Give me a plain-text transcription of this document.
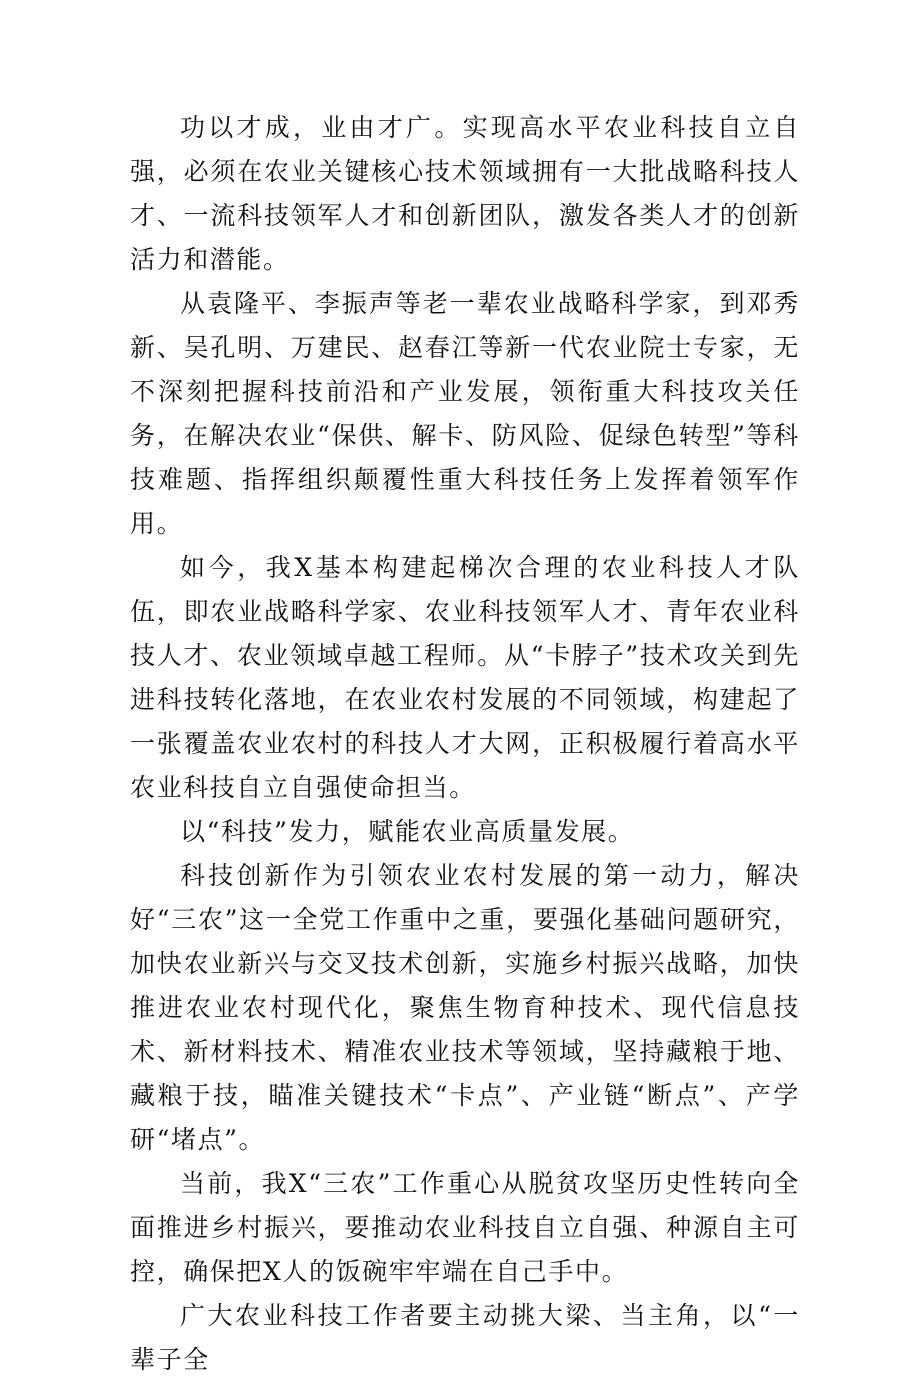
功以才成，业由才广。实现高水平农业科技自立自强，必须在农业关键核心技术领域拥有一大批战略科技人才、一流科技领军人才和创新团队，激发各类人才的创新活力和潜能。

从袁隆平、李振声等老一辈农业战略科学家，到邓秀新、吴孔明、万建民、赵春江等新一代农业院士专家，无不深刻把握科技前沿和产业发展，领衔重大科技攻关任务，在解决农业“保供、解卡、防风险、促绿色转型”等科技难题、指挥组织颠覆性重大科技任务上发挥着领军作用。

如今，我X基本构建起梯次合理的农业科技人才队伍，即农业战略科学家、农业科技领军人才、青年农业科技人才、农业领域卓越工程师。从“卡脖子”技术攻关到先进科技转化落地，在农业农村发展的不同领域，构建起了一张覆盖农业农村的科技人才大网，正积极履行着高水平农业科技自立自强使命担当。

以“科技”发力，赋能农业高质量发展。

科技创新作为引领农业农村发展的第一动力，解决好“三农”这一全党工作重中之重，要强化基础问题研究，加快农业新兴与交叉技术创新，实施乡村振兴战略，加快推进农业农村现代化，聚焦生物育种技术、现代信息技术、新材料技术、精准农业技术等领域，坚持藏粮于地、藏粮于技，瞄准关键技术“卡点”、产业链“断点”、产学研“堵点”。

当前，我X“三农”工作重心从脱贫攻坚历史性转向全面推进乡村振兴，要推动农业科技自立自强、种源自主可控，确保把X人的饭碗牢牢端在自己手中。

广大农业科技工作者要主动挑大梁、当主角，以“一辈子全
